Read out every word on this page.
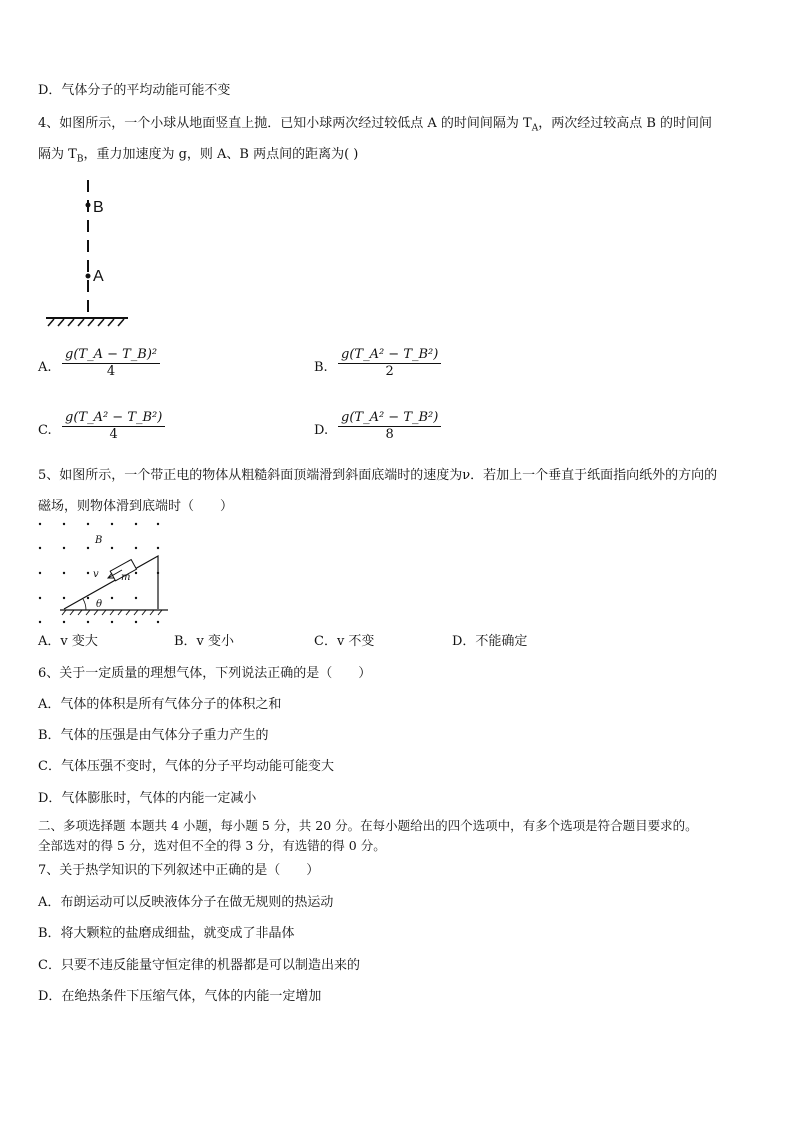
D．气体分子的平均动能可能不变
4、如图所示，一个小球从地面竖直上抛．已知小球两次经过较低点 A 的时间间隔为 $T_A$，两次经过较高点 B 的时间间
隔为 $T_B$，重力加速度为 g，则 A、B 两点间的距离为( )
B
A
A. $\frac{\text{g(T\_A − T\_B)²}}{4}$	B. $\frac{\text{g(T\_A² − T\_B²)}}{2}$
C. $\frac{\text{g(T\_A² − T\_B²)}}{4}$	D. $\frac{\text{g(T\_A² − T\_B²)}}{8}$
5、如图所示，一个带正电的物体从粗糙斜面顶端滑到斜面底端时的速度为ν．若加上一个垂直于纸面指向纸外的方向的
磁场，则物体滑到底端时（　　）
B
v m
θ
A．v 变大	B．v 变小	C．v 不变	D．不能确定
6、关于一定质量的理想气体，下列说法正确的是（　　）
A．气体的体积是所有气体分子的体积之和
B．气体的压强是由气体分子重力产生的
C．气体压强不变时，气体的分子平均动能可能变大
D．气体膨胀时，气体的内能一定减小
二、多项选择题 本题共 4 小题，每小题 5 分，共 20 分。在每小题给出的四个选项中，有多个选项是符合题目要求的。
全部选对的得 5 分，选对但不全的得 3 分，有选错的得 0 分。
7、关于热学知识的下列叙述中正确的是（　　）
A．布朗运动可以反映液体分子在做无规则的热运动
B．将大颗粒的盐磨成细盐，就变成了非晶体
C．只要不违反能量守恒定律的机器都是可以制造出来的
D．在绝热条件下压缩气体，气体的内能一定增加
